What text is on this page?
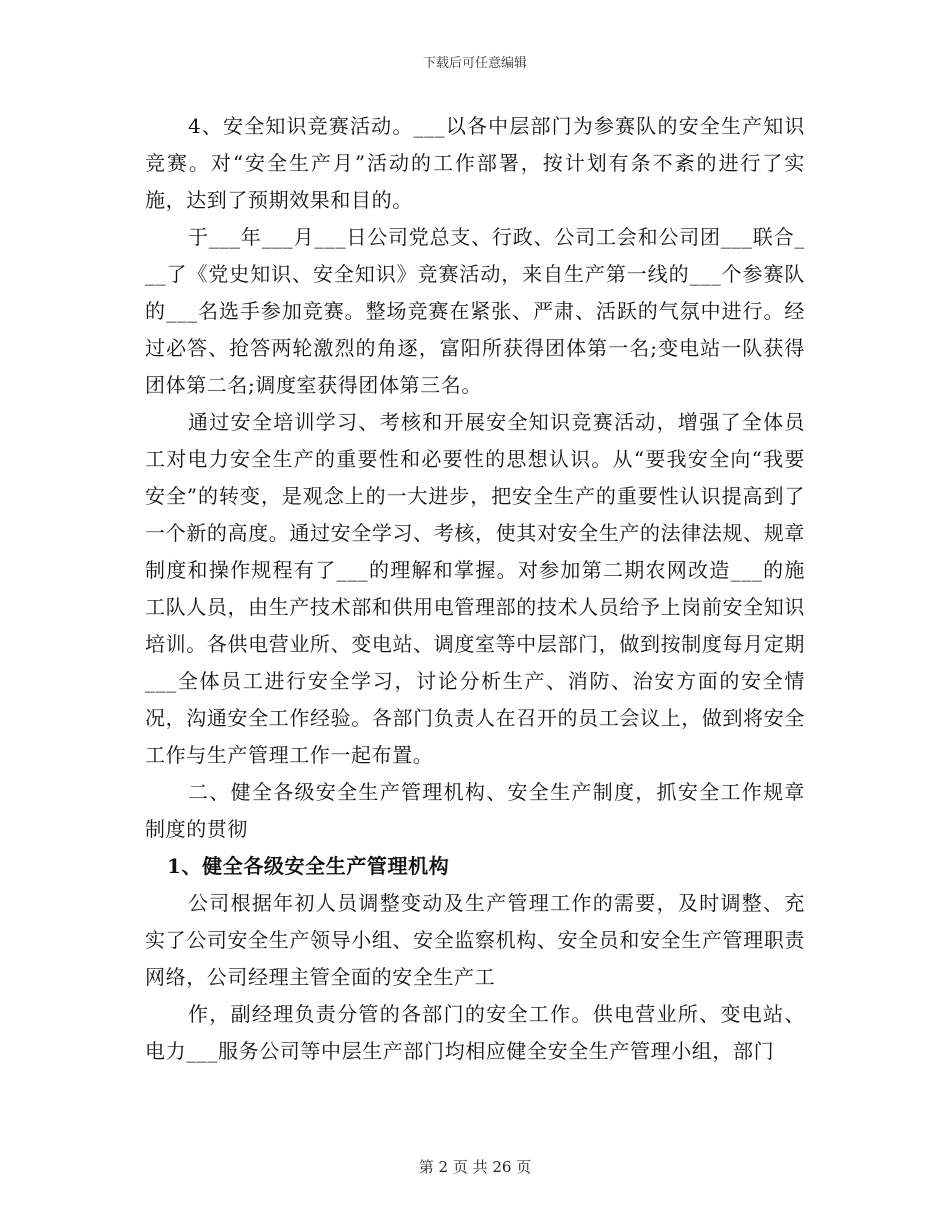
下载后可任意编辑

4、安全知识竞赛活动。___以各中层部门为参赛队的安全生产知识竞赛。对“安全生产月”活动的工作部署，按计划有条不紊的进行了实施，达到了预期效果和目的。

于___年___月___日公司党总支、行政、公司工会和公司团___联合___了《党史知识、安全知识》竞赛活动，来自生产第一线的___个参赛队的___名选手参加竞赛。整场竞赛在紧张、严肃、活跃的气氛中进行。经过必答、抢答两轮激烈的角逐，富阳所获得团体第一名;变电站一队获得团体第二名;调度室获得团体第三名。

通过安全培训学习、考核和开展安全知识竞赛活动，增强了全体员工对电力安全生产的重要性和必要性的思想认识。从“要我安全向“我要安全”的转变，是观念上的一大进步，把安全生产的重要性认识提高到了一个新的高度。通过安全学习、考核，使其对安全生产的法律法规、规章制度和操作规程有了___的理解和掌握。对参加第二期农网改造___的施工队人员，由生产技术部和供用电管理部的技术人员给予上岗前安全知识培训。各供电营业所、变电站、调度室等中层部门，做到按制度每月定期___全体员工进行安全学习，讨论分析生产、消防、治安方面的安全情况，沟通安全工作经验。各部门负责人在召开的员工会议上，做到将安全工作与生产管理工作一起布置。

二、健全各级安全生产管理机构、安全生产制度，抓安全工作规章制度的贯彻

1、健全各级安全生产管理机构

公司根据年初人员调整变动及生产管理工作的需要，及时调整、充实了公司安全生产领导小组、安全监察机构、安全员和安全生产管理职责网络，公司经理主管全面的安全生产工

作，副经理负责分管的各部门的安全工作。供电营业所、变电站、电力___服务公司等中层生产部门均相应健全安全生产管理小组，部门

第 2 页 共 26 页
